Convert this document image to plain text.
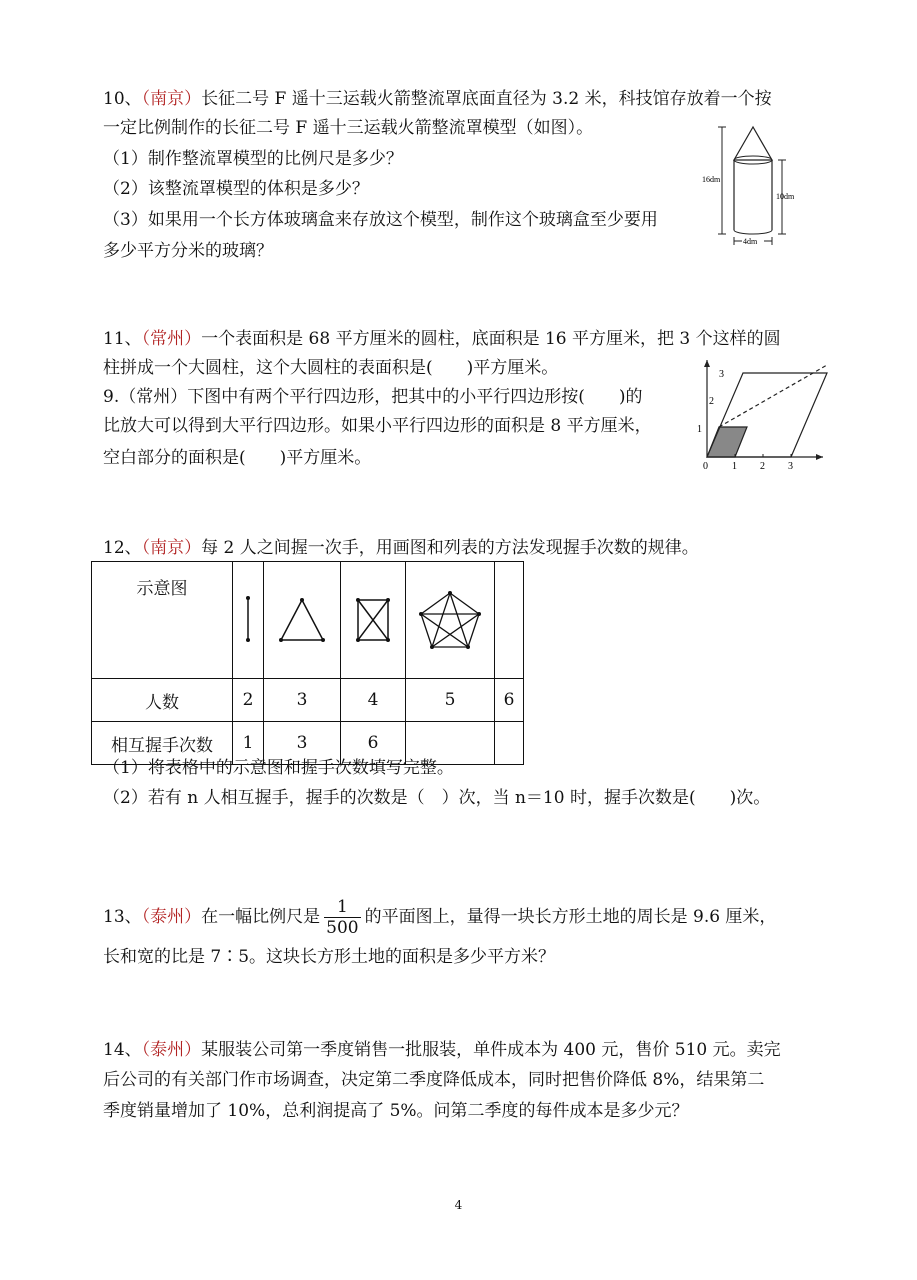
10、（南京）长征二号 F 遥十三运载火箭整流罩底面直径为 3.2 米，科技馆存放着一个按
一定比例制作的长征二号 F 遥十三运载火箭整流罩模型（如图）。
（1）制作整流罩模型的比例尺是多少？
（2）该整流罩模型的体积是多少？
（3）如果用一个长方体玻璃盒来存放这个模型，制作这个玻璃盒至少要用
多少平方分米的玻璃？
16dm
10dm
4dm
11、（常州）一个表面积是 68 平方厘米的圆柱，底面积是 16 平方厘米，把 3 个这样的圆
柱拼成一个大圆柱，这个大圆柱的表面积是(　　)平方厘米。
9.（常州）下图中有两个平行四边形，把其中的小平行四边形按(　　)的
比放大可以得到大平行四边形。如果小平行四边形的面积是 8 平方厘米，
空白部分的面积是(　　)平方厘米。	0 1 2 3
1
2
3
12、（南京）每 2 人之间握一次手，用画图和列表的方法发现握手次数的规律。
示意图	

人数	2	3	4	5	6
相互握手次数	1	3	6		
（1）将表格中的示意图和握手次数填写完整。
（2）若有 n 人相互握手，握手的次数是（　）次，当 n＝10 时，握手次数是(　　)次。
13、（泰州）在一幅比例尺是 $\frac{1}{500}$ 的平面图上，量得一块长方形土地的周长是 9.6 厘米，
长和宽的比是 7∶5。这块长方形土地的面积是多少平方米？
14、（泰州）某服装公司第一季度销售一批服装，单件成本为 400 元，售价 510 元。卖完
后公司的有关部门作市场调查，决定第二季度降低成本，同时把售价降低 8%，结果第二
季度销量增加了 10%，总利润提高了 5%。问第二季度的每件成本是多少元？
4
